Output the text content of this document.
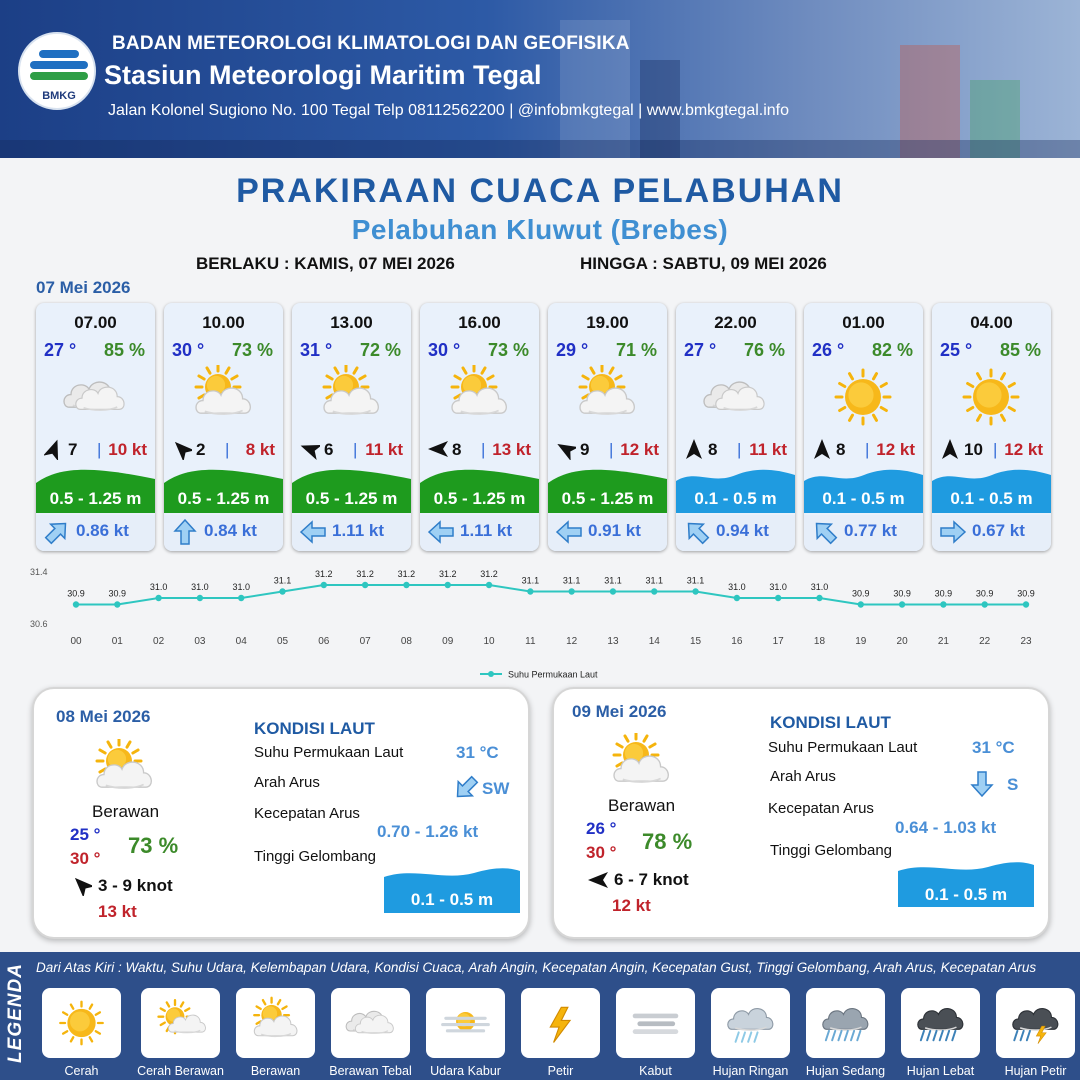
BMKG
BADAN METEOROLOGI KLIMATOLOGI DAN GEOFISIKA
Stasiun Meteorologi Maritim Tegal
Jalan Kolonel Sugiono No. 100 Tegal Telp 08112562200 | @infobmkgtegal | www.bmkgtegal.info
PRAKIRAAN CUACA PELABUHAN
Pelabuhan Kluwut (Brebes)
BERLAKU : KAMIS, 07 MEI 2026	HINGGA : SABTU, 09 MEI 2026
07 Mei 2026
07.00
27 ° 85 %
7 | 10 kt
0.5 - 1.25 m
0.86 kt
10.00
30 ° 73 %
2 | 8 kt
0.5 - 1.25 m
0.84 kt
13.00
31 ° 72 %
6 | 11 kt
0.5 - 1.25 m
1.11 kt
16.00
30 ° 73 %
8 | 13 kt
0.5 - 1.25 m
1.11 kt
19.00
29 ° 71 %
9 | 12 kt
0.5 - 1.25 m
0.91 kt
22.00
27 ° 76 %
8 | 11 kt
0.1 - 0.5 m
0.94 kt
01.00
26 ° 82 %
8 | 12 kt
0.1 - 0.5 m
0.77 kt
04.00
25 ° 85 %
10 | 12 kt
0.1 - 0.5 m
0.67 kt
31.4
30.6
30.9
00
30.9
01
31.0
02
31.0
03
31.0
04
31.1
05
31.2
06
31.2
07
31.2
08
31.2
09
31.2
10
31.1
11
31.1
12
31.1
13
31.1
14
31.1
15
31.0
16
31.0
17
31.0
18
30.9
19
30.9
20
30.9
21
30.9
22
30.9
23
Suhu Permukaan Laut
08 Mei 2026
Berawan
25 °
30 °
73 %
3 - 9 knot
13 kt
KONDISI LAUT
Suhu Permukaan Laut	31 °C
Arah Arus	SW
Kecepatan Arus
0.70 - 1.26 kt
Tinggi Gelombang
0.1 - 0.5 m
09 Mei 2026
Berawan
26 °
30 ° 78 %
6 - 7 knot
12 kt
KONDISI LAUT
Suhu Permukaan Laut	31 °C
Arah Arus	S
Kecepatan Arus
0.64 - 1.03 kt
Tinggi Gelombang
0.1 - 0.5 m
LEGENDA Dari Atas Kiri : Waktu, Suhu Udara, Kelembapan Udara, Kondisi Cuaca, Arah Angin, Kecepatan Angin, Kecepatan Gust, Tinggi Gelombang, Arah Arus, Kecepatan Arus
Cerah	Cerah Berawan	Berawan	Berawan Tebal	Udara Kabur	Petir	Kabut	Hujan Ringan	Hujan Sedang	Hujan Lebat	Hujan Petir
